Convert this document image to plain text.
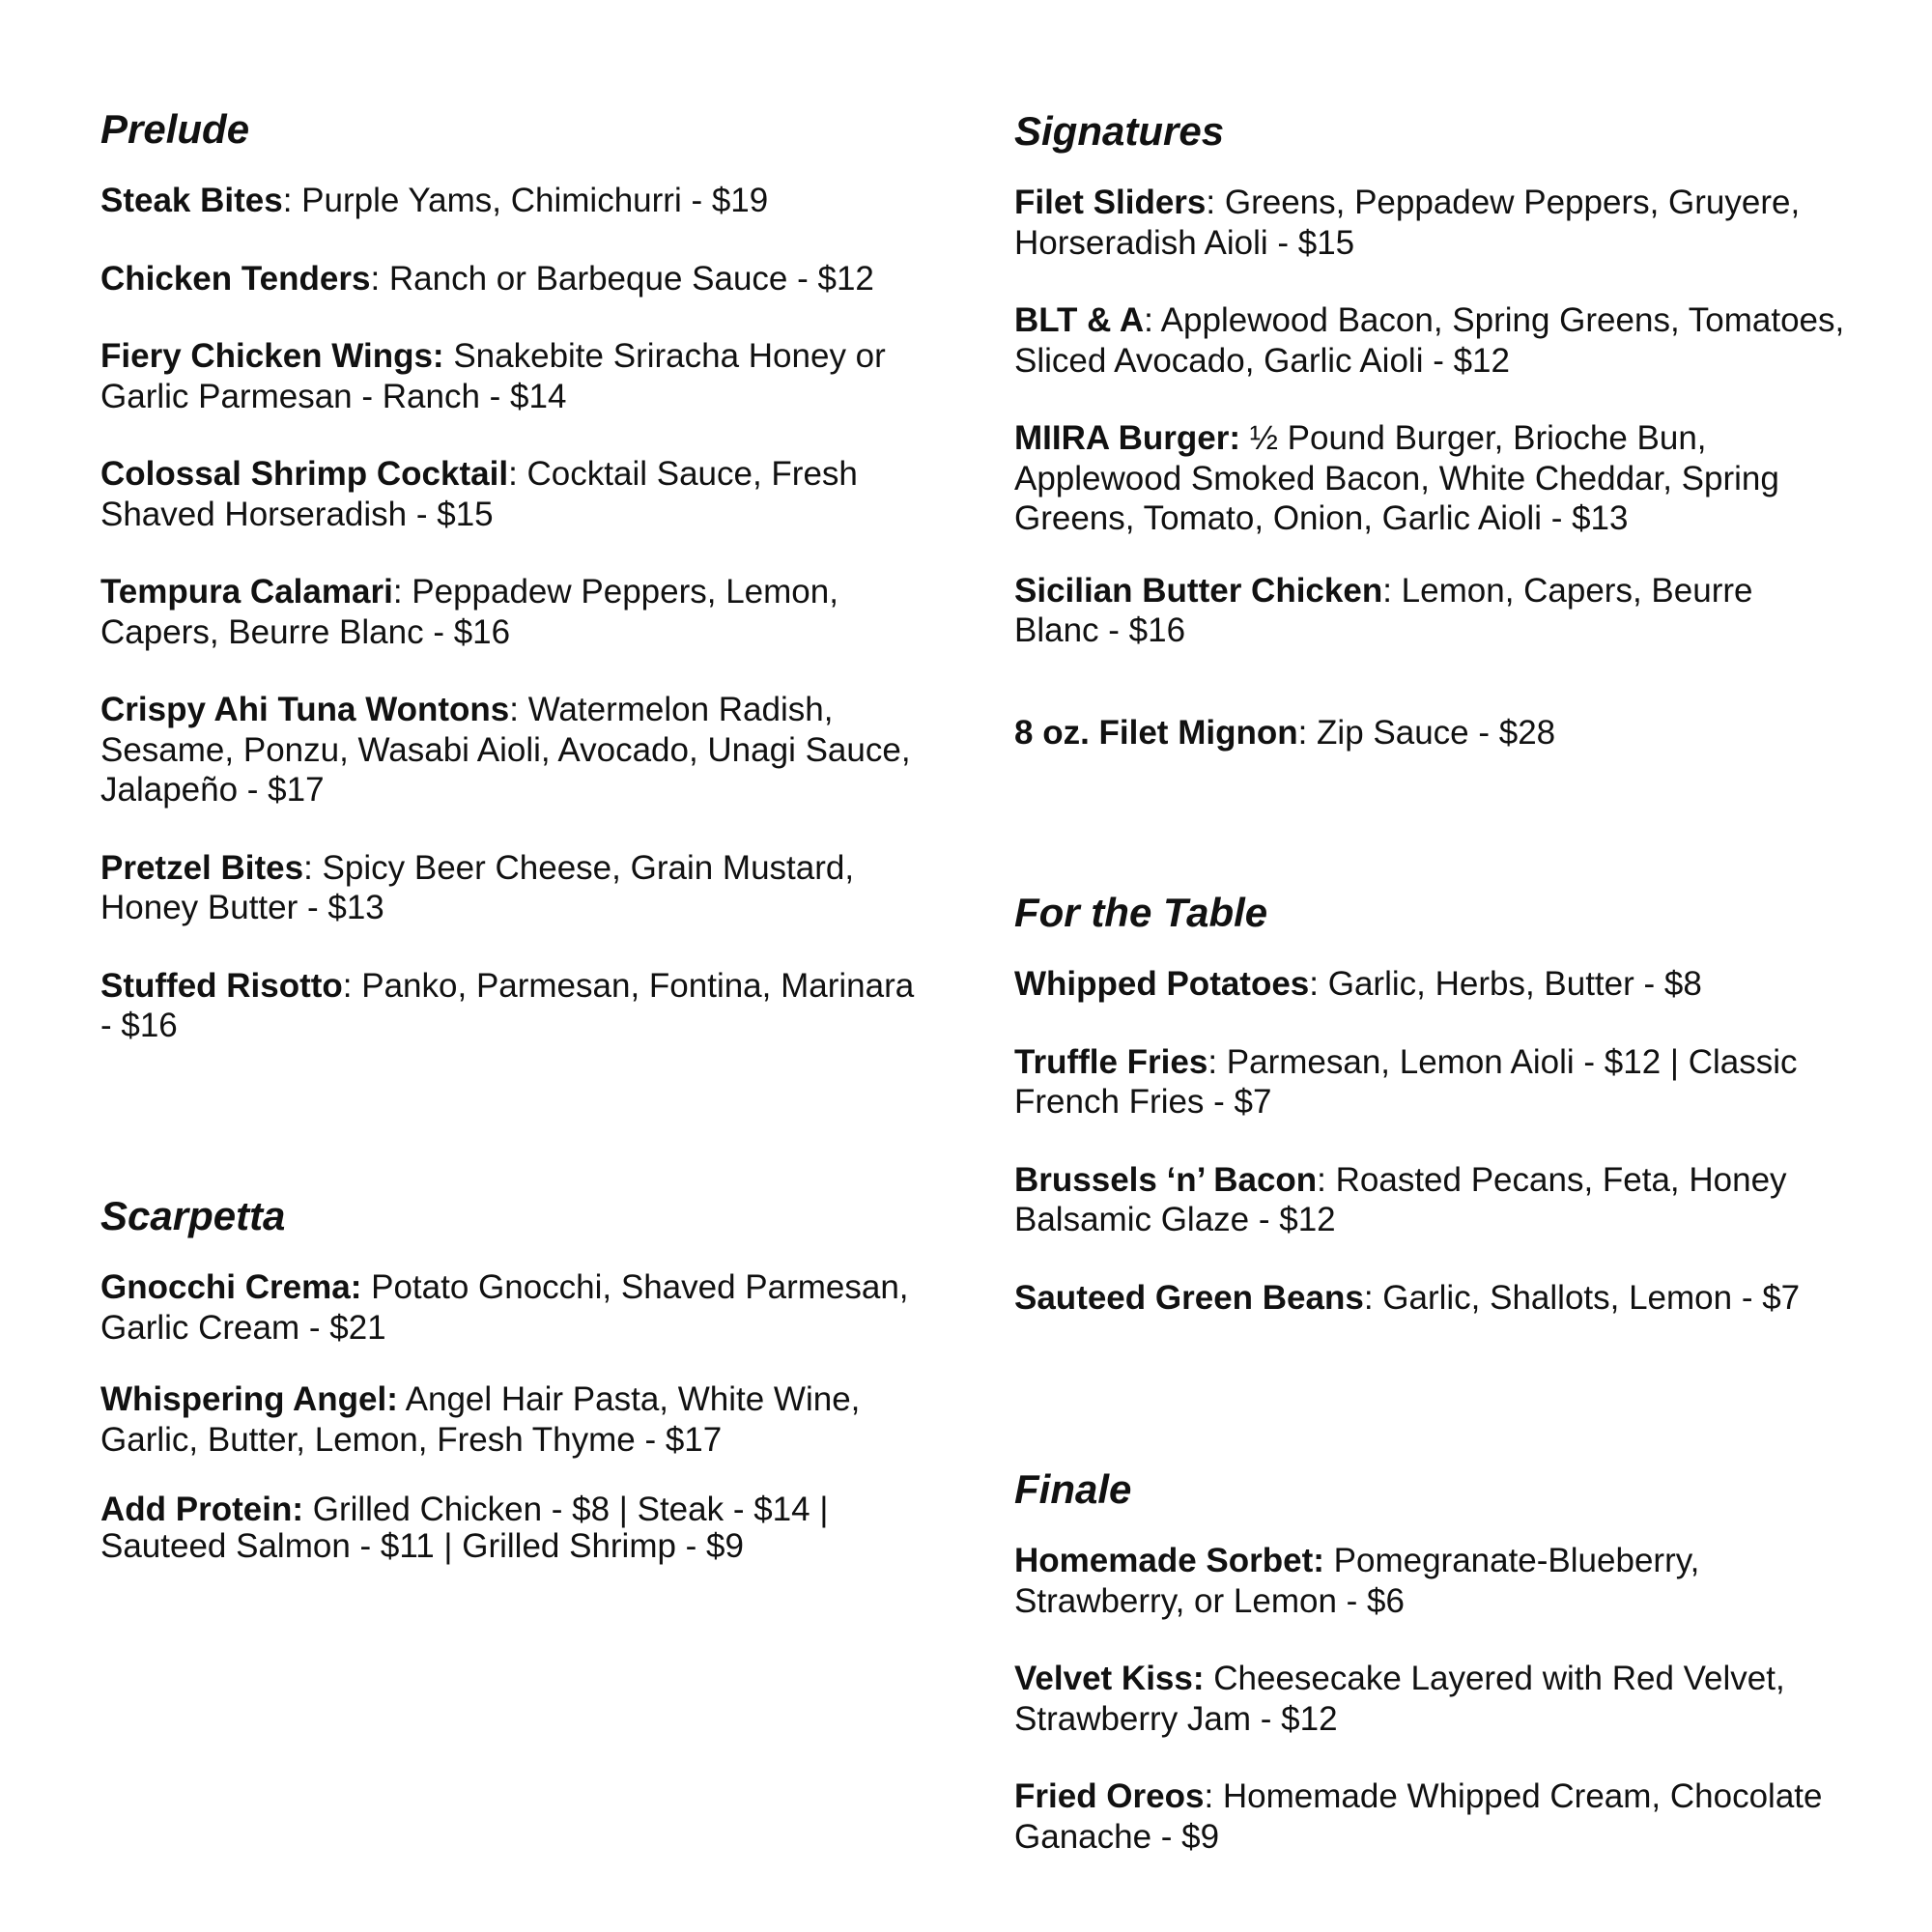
Prelude
Steak Bites: Purple Yams, Chimichurri - $19
Chicken Tenders: Ranch or Barbeque Sauce - $12
Fiery Chicken Wings: Snakebite Sriracha Honey or Garlic Parmesan - Ranch - $14
Colossal Shrimp Cocktail: Cocktail Sauce, Fresh Shaved Horseradish - $15
Tempura Calamari: Peppadew Peppers, Lemon, Capers, Beurre Blanc - $16
Crispy Ahi Tuna Wontons: Watermelon Radish, Sesame, Ponzu, Wasabi Aioli, Avocado, Unagi Sauce, Jalapeño - $17
Pretzel Bites: Spicy Beer Cheese, Grain Mustard, Honey Butter - $13
Stuffed Risotto: Panko, Parmesan, Fontina, Marinara - $16
Scarpetta
Gnocchi Crema: Potato Gnocchi, Shaved Parmesan, Garlic Cream - $21
Whispering Angel: Angel Hair Pasta, White Wine, Garlic, Butter, Lemon, Fresh Thyme - $17
Add Protein: Grilled Chicken - $8 | Steak - $14 | Sauteed Salmon - $11 | Grilled Shrimp - $9
Signatures
Filet Sliders: Greens, Peppadew Peppers, Gruyere, Horseradish Aioli - $15
BLT & A: Applewood Bacon, Spring Greens, Tomatoes, Sliced Avocado, Garlic Aioli - $12
MIIRA Burger: ½ Pound Burger, Brioche Bun, Applewood Smoked Bacon, White Cheddar, Spring Greens, Tomato, Onion, Garlic Aioli - $13
Sicilian Butter Chicken: Lemon, Capers, Beurre Blanc - $16
8 oz. Filet Mignon: Zip Sauce - $28
For the Table
Whipped Potatoes: Garlic, Herbs, Butter - $8
Truffle Fries: Parmesan, Lemon Aioli - $12 | Classic French Fries - $7
Brussels ‘n’ Bacon: Roasted Pecans, Feta, Honey Balsamic Glaze - $12
Sauteed Green Beans: Garlic, Shallots, Lemon - $7
Finale
Homemade Sorbet: Pomegranate-Blueberry, Strawberry, or Lemon - $6
Velvet Kiss: Cheesecake Layered with Red Velvet, Strawberry Jam - $12
Fried Oreos: Homemade Whipped Cream, Chocolate Ganache - $9
